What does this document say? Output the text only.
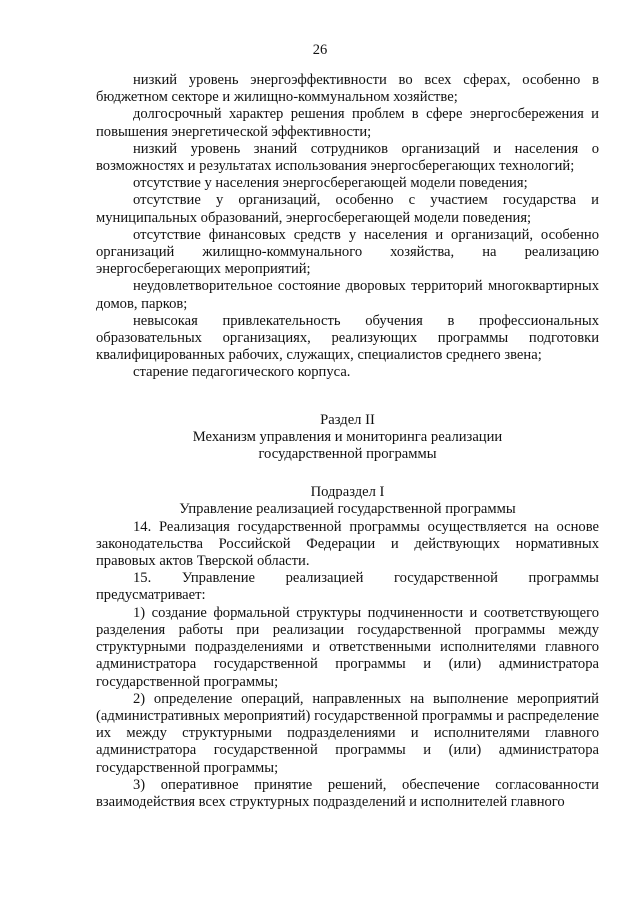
26

низкий уровень энергоэффективности во всех сферах, особенно в бюджетном секторе и жилищно-коммунальном хозяйстве;

долгосрочный характер решения проблем в сфере энергосбережения и повышения энергетической эффективности;

низкий уровень знаний сотрудников организаций и населения о возможностях и результатах использования энергосберегающих технологий;

отсутствие у населения энергосберегающей модели поведения;

отсутствие у организаций, особенно с участием государства и муниципальных образований, энергосберегающей модели поведения;

отсутствие финансовых средств у населения и организаций, особенно организаций жилищно-коммунального хозяйства, на реализацию энергосберегающих мероприятий;

неудовлетворительное состояние дворовых территорий многоквартирных домов, парков;

невысокая привлекательность обучения в профессиональных образовательных организациях, реализующих программы подготовки квалифицированных рабочих, служащих, специалистов среднего звена;

старение педагогического корпуса.

Раздел II
Механизм управления и мониторинга реализации
государственной программы
Подраздел I
Управление реализацией государственной программы

14. Реализация государственной программы осуществляется на основе законодательства Российской Федерации и действующих нормативных правовых актов Тверской области.

15. Управление реализацией государственной программы предусматривает:

1) создание формальной структуры подчиненности и соответствующего разделения работы при реализации государственной программы между структурными подразделениями и ответственными исполнителями главного администратора государственной программы и (или) администратора государственной программы;

2) определение операций, направленных на выполнение мероприятий (административных мероприятий) государственной программы и распределение их между структурными подразделениями и исполнителями главного администратора государственной программы и (или) администратора государственной программы;

3) оперативное принятие решений, обеспечение согласованности взаимодействия всех структурных подразделений и исполнителей главного
